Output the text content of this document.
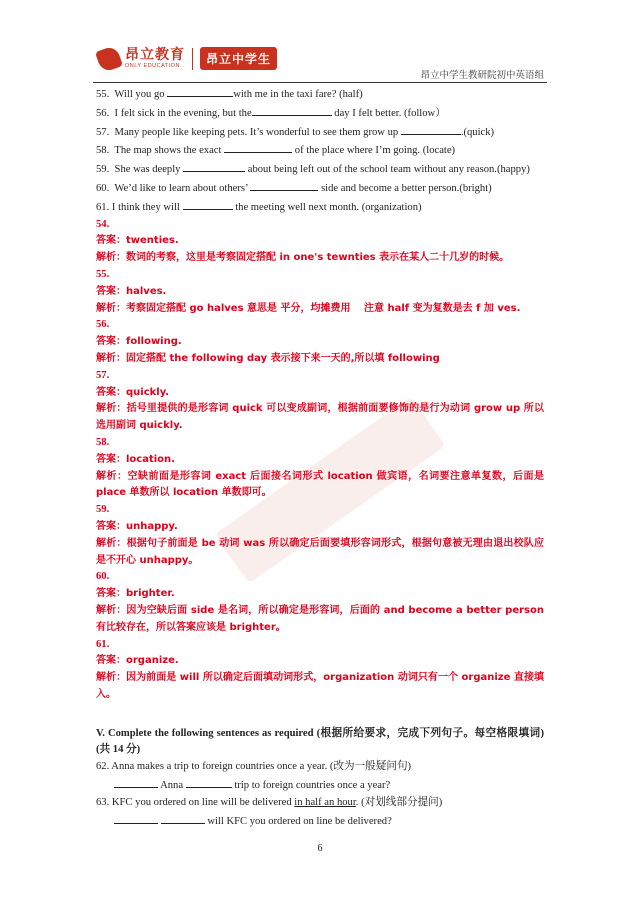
昂立教育
ONLY EDUCATION	昂立中学生
昂立中学生教研院初中英语组
55. Will you go	with me in the taxi fare? (half)
56. I felt sick in the evening, but the	day I felt better. (follow）
57. Many people like keeping pets. It’s wonderful to see them grow up	.(quick)
58. The map shows the exact	of the place where I’m going. (locate)
59. She was deeply	about being left out of the school team without any reason.(happy)
60. We’d like to learn about others’	side and become a better person.(bright)
61. I think they will	the meeting well next month. (organization)
54.
答案：twenties.
解析：数词的考察，这里是考察固定搭配 in one's tewnties 表示在某人二十几岁的时候。
55.
答案：halves.
解析：考察固定搭配 go halves 意思是 平分，均摊费用　 注意 half 变为复数是去 f 加 ves.
56.
答案：following.
解析：固定搭配 the following day 表示接下来一天的,所以填 following
57.
答案：quickly.
解析：括号里提供的是形容词 quick 可以变成副词，根据前面要修饰的是行为动词 grow up 所以选用副词 quickly.
58.
答案：location.
解析：空缺前面是形容词 exact 后面接名词形式 location 做宾语，名词要注意单复数，后面是 place 单数所以 location 单数即可。
59.
答案：unhappy.
解析：根据句子前面是 be 动词 was 所以确定后面要填形容词形式，根据句意被无理由退出校队应是不开心 unhappy。
60.
答案：brighter.
解析：因为空缺后面 side 是名词，所以确定是形容词，后面的 and become a better person 有比较存在，所以答案应该是 brighter。
61.
答案：organize.
解析：因为前面是 will 所以确定后面填动词形式，organization 动词只有一个 organize 直接填入。
V. Complete the following sentences as required (根据所给要求，完成下列句子。每空格限填词) (共 14 分)
62. Anna makes a trip to foreign countries once a year. (改为一般疑问句)
Anna	trip to foreign countries once a year?
63. KFC you ordered on line will be delivered in half an hour. (对划线部分提问)
will KFC you ordered on line be delivered?
6
